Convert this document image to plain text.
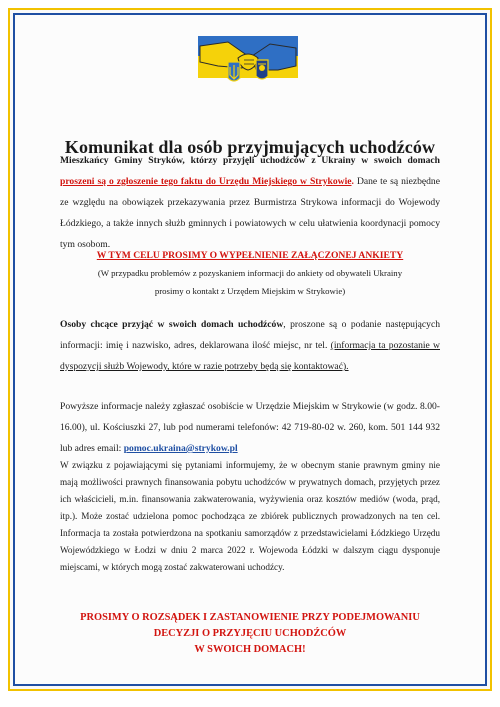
Komunikat dla osób przyjmujących uchodźców
Mieszkańcy Gminy Stryków, którzy przyjęli uchodźców z Ukrainy w swoich domach proszeni są o zgłoszenie tego faktu do Urzędu Miejskiego w Strykowie. Dane te są niezbędne ze względu na obowiązek przekazywania przez Burmistrza Strykowa informacji do Wojewody Łódzkiego, a także innych służb gminnych i powiatowych w celu ułatwienia koordynacji pomocy tym osobom.
W TYM CELU PROSIMY O WYPEŁNIENIE ZAŁĄCZONEJ ANKIETY
(W przypadku problemów z pozyskaniem informacji do ankiety od obywateli Ukrainy
prosimy o kontakt z Urzędem Miejskim w Strykowie)
Osoby chcące przyjąć w swoich domach uchodźców, proszone są o podanie następujących informacji: imię i nazwisko, adres, deklarowana ilość miejsc, nr tel. (informacja ta pozostanie w dyspozycji służb Wojewody, które w razie potrzeby będą się kontaktować).
Powyższe informacje należy zgłaszać osobiście w Urzędzie Miejskim w Strykowie (w godz. 8.00-16.00), ul. Kościuszki 27, lub pod numerami telefonów: 42 719-80-02 w. 260, kom. 501 144 932 lub adres email: pomoc.ukraina@strykow.pl
W związku z pojawiającymi się pytaniami informujemy, że w obecnym stanie prawnym gminy nie mają możliwości prawnych finansowania pobytu uchodźców w prywatnych domach, przyjętych przez ich właścicieli, m.in. finansowania zakwaterowania, wyżywienia oraz kosztów mediów (woda, prąd, itp.). Może zostać udzielona pomoc pochodząca ze zbiórek publicznych prowadzonych na ten cel. Informacja ta została potwierdzona na spotkaniu samorządów z przedstawicielami Łódzkiego Urzędu Wojewódzkiego w Łodzi w dniu 2 marca 2022 r. Wojewoda Łódzki w dalszym ciągu dysponuje miejscami, w których mogą zostać zakwaterowani uchodźcy.
PROSIMY O ROZSĄDEK I ZASTANOWIENIE PRZY PODEJMOWANIU
DECYZJI O PRZYJĘCIU UCHODŹCÓW
W SWOICH DOMACH!
